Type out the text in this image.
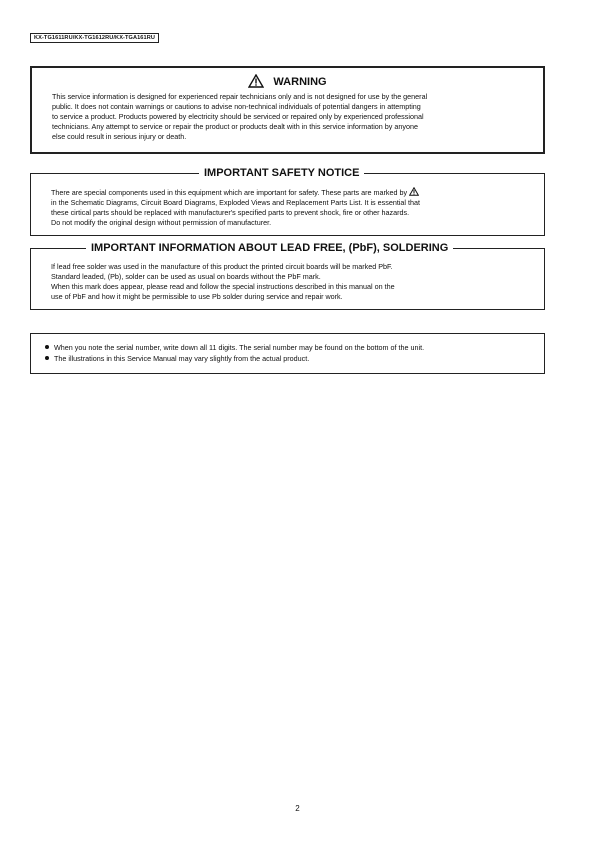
KX-TG1611RU/KX-TG1612RU/KX-TGA161RU
WARNING
This service information is designed for experienced repair technicians only and is not designed for use by the general
public. It does not contain warnings or cautions to advise non-technical individuals of potential dangers in attempting
to service a product. Products powered by electricity should be serviced or repaired only by experienced professional
technicians. Any attempt to service or repair the product or products dealt with in this service information by anyone
else could result in serious injury or death.
IMPORTANT SAFETY NOTICE
There are special components used in this equipment which are important for safety. These parts are marked by
in the Schematic Diagrams, Circuit Board Diagrams, Exploded Views and Replacement Parts List. It is essential that
these cirtical parts should be replaced with manufacturer's specified parts to prevent shock, fire or other hazards.
Do not modify the original design without permission of manufacturer.
IMPORTANT INFORMATION ABOUT LEAD FREE, (PbF), SOLDERING
If lead free solder was used in the manufacture of this product the printed circuit boards will be marked PbF.
Standard leaded, (Pb), solder can be used as usual on boards without the PbF mark.
When this mark does appear, please read and follow the special instructions described in this manual on the
use of PbF and how it might be permissible to use Pb solder during service and repair work.
When you note the serial number, write down all 11 digits. The serial number may be found on the bottom of the unit.
The illustrations in this Service Manual may vary slightly from the actual product.
2
